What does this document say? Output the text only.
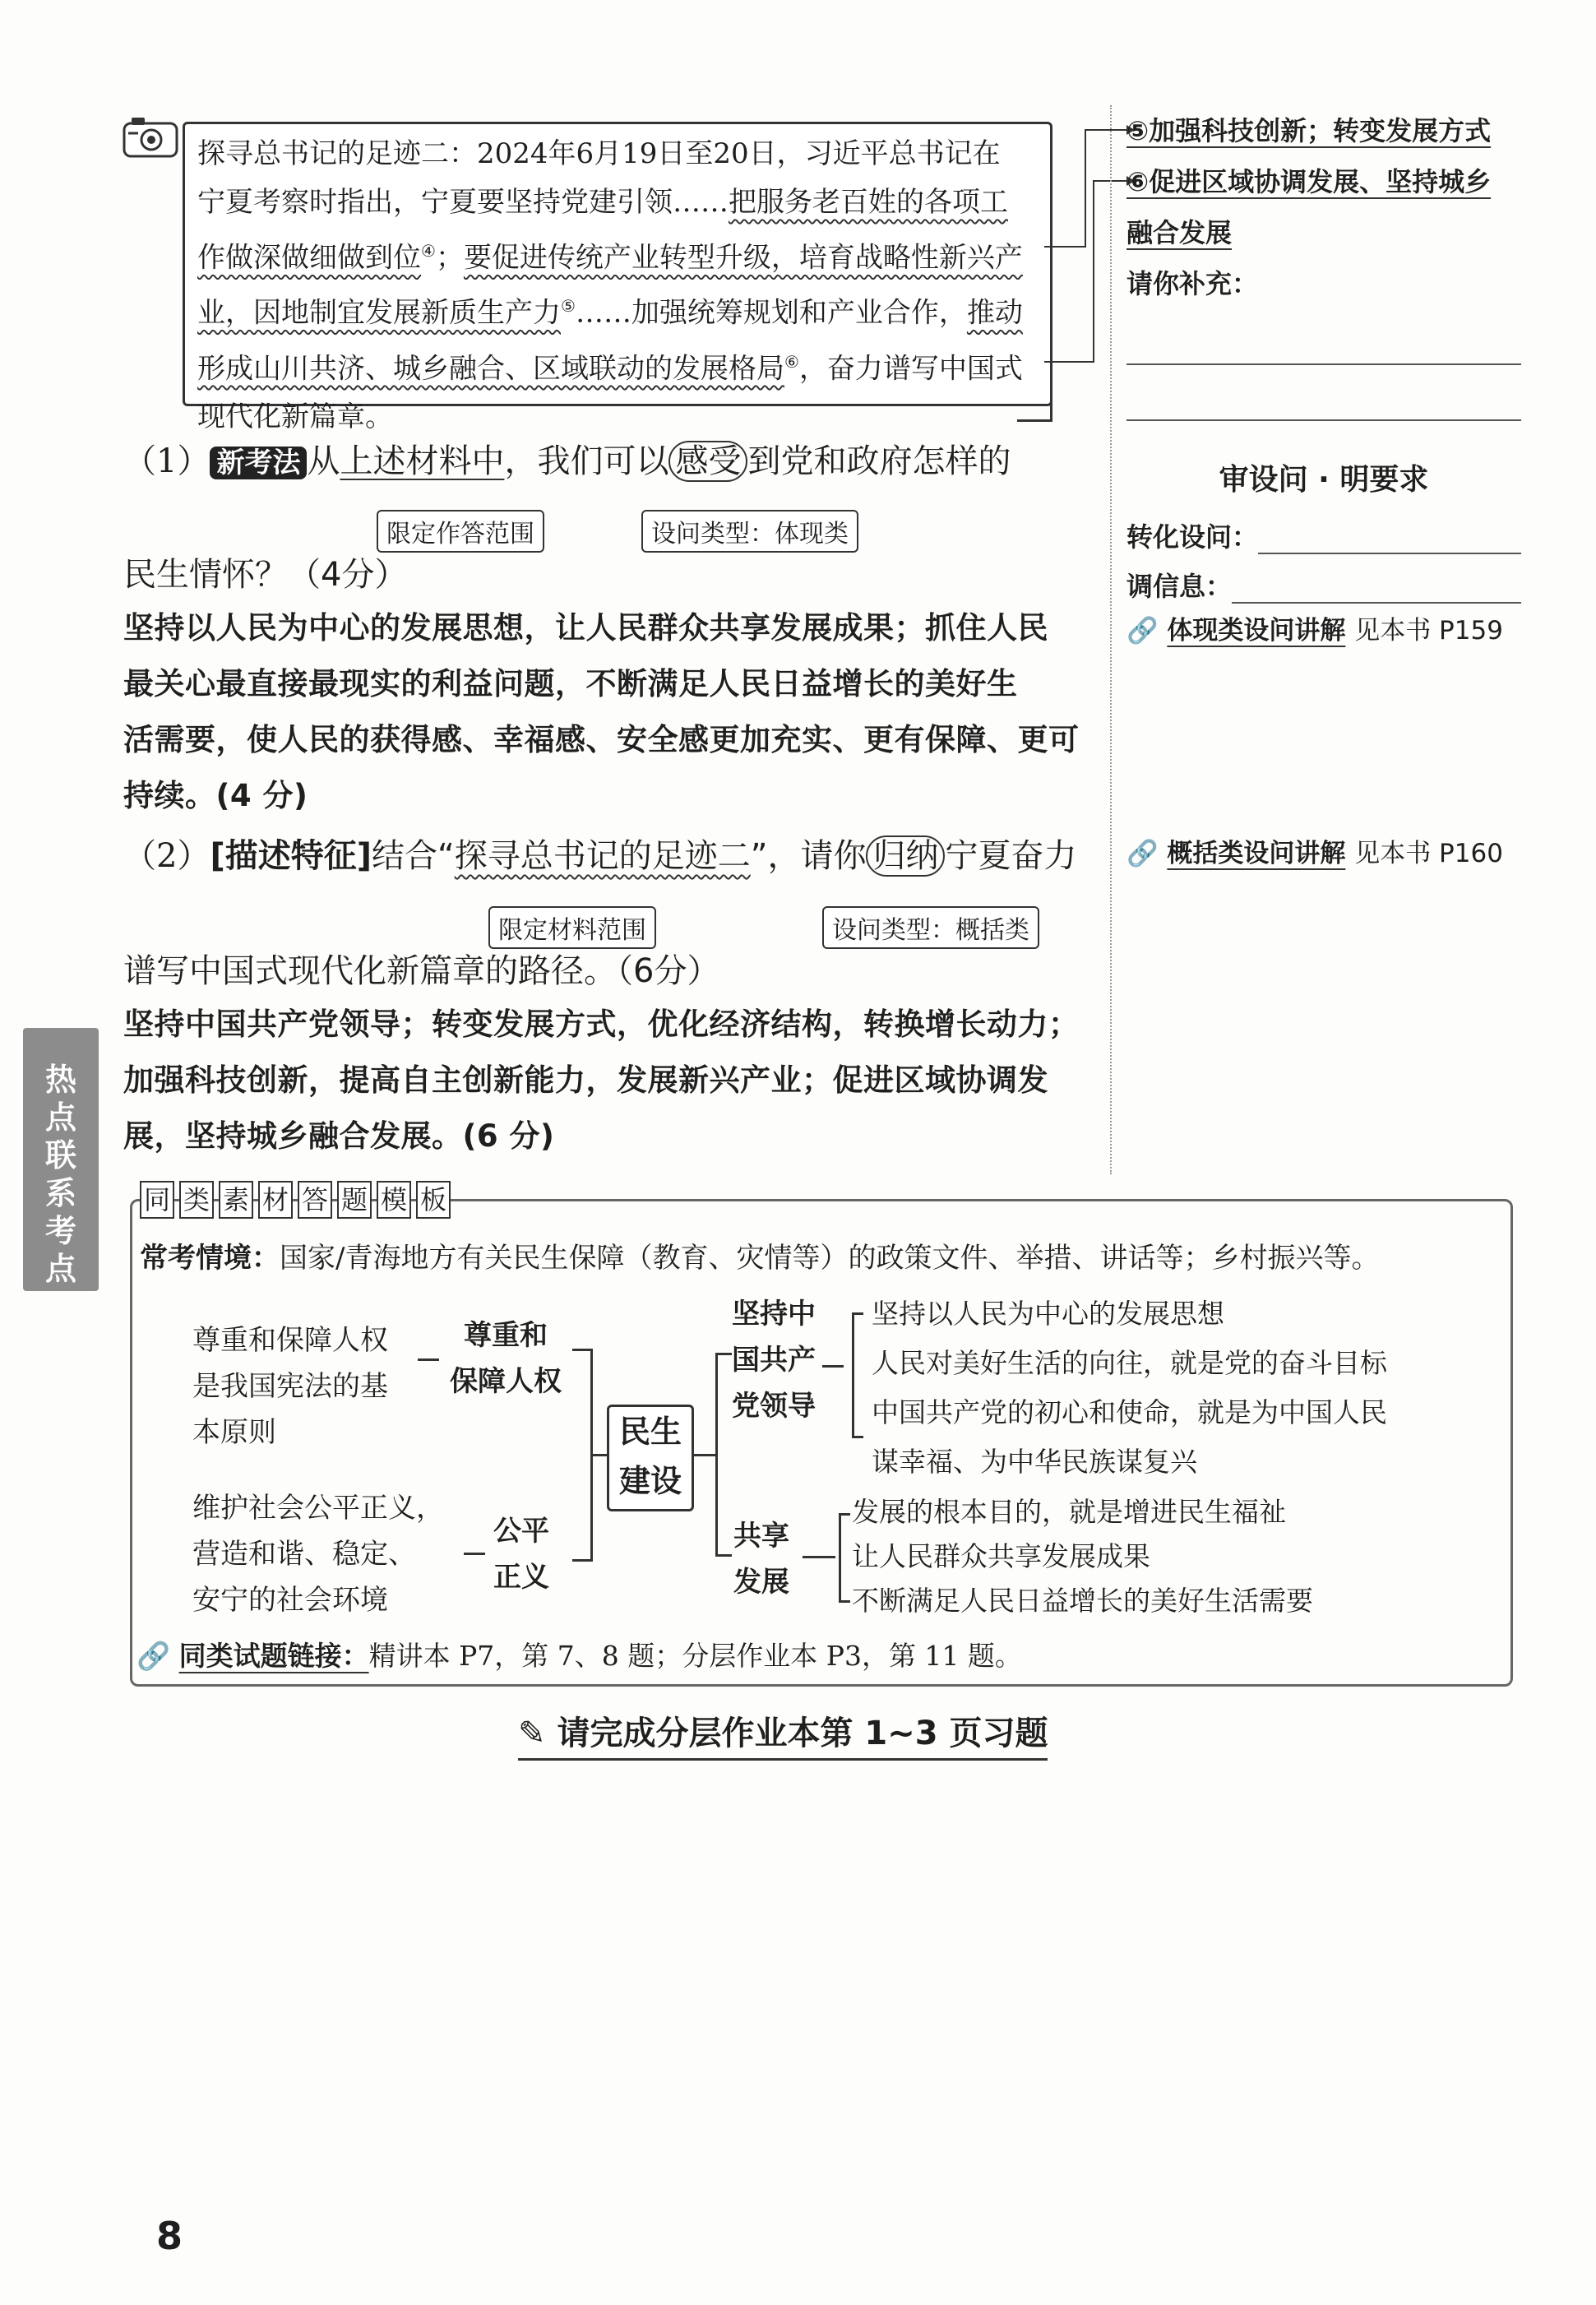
探寻总书记的足迹二：2024年6月19日至20日，习近平总书记在宁夏考察时指出，宁夏要坚持党建引领……把服务老百姓的各项工作做深做细做到位④；要促进传统产业转型升级，培育战略性新兴产业，因地制宜发展新质生产力⑤……加强统筹规划和产业合作，推动形成山川共济、城乡融合、区域联动的发展格局⑥，奋力谱写中国式现代化新篇章。
⑤加强科技创新；转变发展方式
⑥促进区域协调发展、坚持城乡
融合发展
请你补充：
审设问 · 明要求
转化设问：
调信息：
🔗 体现类设问讲解 见本书 P159
🔗 概括类设问讲解 见本书 P160
（1） 新考法 从上述材料中，我们可以 感受 到党和政府怎样的
限定作答范围	设问类型：体现类
民生情怀？（4分）
坚持以人民为中心的发展思想，让人民群众共享发展成果；抓住人民
最关心最直接最现实的利益问题，不断满足人民日益增长的美好生
活需要，使人民的获得感、幸福感、安全感更加充实、更有保障、更可
持续。(4 分)
（2）[描述特征]结合“探寻总书记的足迹二”，请你 归纳 宁夏奋力
限定材料范围	设问类型：概括类
谱写中国式现代化新篇章的路径。（6分）
坚持中国共产党领导；转变发展方式，优化经济结构，转换增长动力；
加强科技创新，提高自主创新能力，发展新兴产业；促进区域协调发
展，坚持城乡融合发展。(6 分)
热点联系考点
同 类 素 材 答 题 模 板
常考情境：国家/青海地方有关民生保障（教育、灾情等）的政策文件、举措、讲话等；乡村振兴等。
尊重和保障人权
是我国宪法的基
本原则
尊重和
保障人权
维护社会公平正义，
营造和谐、稳定、
安宁的社会环境
公平
正义
民生
建设
坚持中
国共产
党领导
坚持以人民为中心的发展思想
人民对美好生活的向往，就是党的奋斗目标
中国共产党的初心和使命，就是为中国人民
谋幸福、为中华民族谋复兴
共享
发展
发展的根本目的，就是增进民生福祉
让人民群众共享发展成果
不断满足人民日益增长的美好生活需要
🔗 同类试题链接：精讲本 P7，第 7、8 题；分层作业本 P3，第 11 题。
✎ 请完成分层作业本第 1~3 页习题
8
